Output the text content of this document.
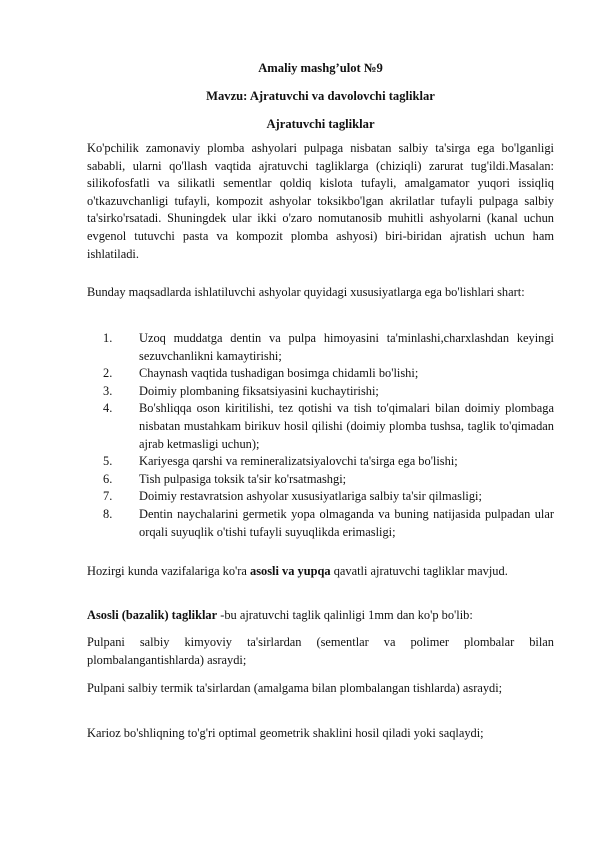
Amaliy mashg’ulot №9
Mavzu: Ajratuvchi va davolovchi tagliklar
Ajratuvchi tagliklar
Ko'pchilik zamonaviy plomba ashyolari pulpaga nisbatan salbiy ta'sirga ega bo'lganligi sababli, ularni qo'llash vaqtida ajratuvchi tagliklarga (chiziqli) zarurat tug'ildi.Masalan: silikofosfatli va silikatli sementlar qoldiq kislota tufayli, amalgamator yuqori issiqliq o'tkazuvchanligi tufayli, kompozit ashyolar toksikbo'lgan akrilatlar tufayli pulpaga salbiy ta'sirko'rsatadi. Shuningdek ular ikki o'zaro nomutanosib muhitli ashyolarni (kanal uchun evgenol tutuvchi pasta va kompozit plomba ashyosi) biri-biridan ajratish uchun ham ishlatiladi.
Bunday maqsadlarda ishlatiluvchi ashyolar quyidagi xususiyatlarga ega bo'lishlari shart:
1. Uzoq muddatga dentin va pulpa himoyasini ta'minlashi,charxlashdan keyingi sezuvchanlikni kamaytirishi;
2. Chaynash vaqtida tushadigan bosimga chidamli bo'lishi;
3. Doimiy plombaning fiksatsiyasini kuchaytirishi;
4. Bo'shliqqa oson kiritilishi, tez qotishi va tish to'qimalari bilan doimiy plombaga nisbatan mustahkam birikuv hosil qilishi (doimiy plomba tushsa, taglik to'qimadan ajrab ketmasligi uchun);
5. Kariyesga qarshi va remineralizatsiyalovchi ta'sirga ega bo'lishi;
6. Tish pulpasiga toksik ta'sir ko'rsatmashgi;
7. Doimiy restavratsion ashyolar xususiyatlariga salbiy ta'sir qilmasligi;
8. Dentin naychalarini germetik yopa olmaganda va buning natijasida pulpadan ular orqali suyuqlik o'tishi tufayli suyuqlikda erimasligi;
Hozirgi kunda vazifalariga ko'ra asosli va yupqa qavatli ajratuvchi tagliklar mavjud.
Asosli (bazalik) tagliklar -bu ajratuvchi taglik qalinligi 1mm dan ko'p bo'lib:
Pulpani salbiy kimyoviy ta'sirlardan (sementlar va polimer plombalar bilan plombalangantishlarda) asraydi;
Pulpani salbiy termik ta'sirlardan (amalgama bilan plombalangan tishlarda) asraydi;
Karioz bo'shliqning to'g'ri optimal geometrik shaklini hosil qiladi yoki saqlaydi;
